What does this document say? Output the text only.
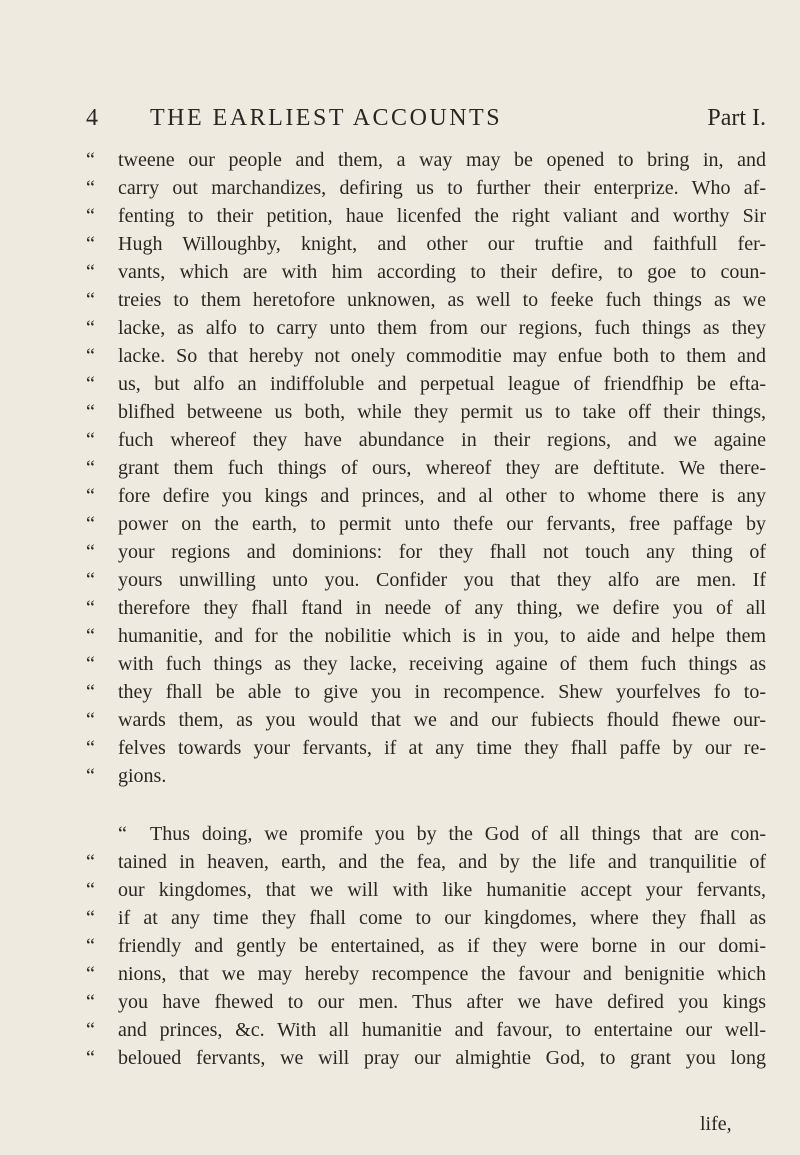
4 THE EARLIEST ACCOUNTS	Part I.
“	tweene our people and them, a way may be opened to bring in, and
“	carry out marchandizes, defiring us to further their enterprize. Who af-
“	fenting to their petition, haue licenfed the right valiant and worthy Sir
“	Hugh Willoughby, knight, and other our truftie and faithfull fer-
“	vants, which are with him according to their defire, to goe to coun-
“	treies to them heretofore unknowen, as well to feeke fuch things as we
“	lacke, as alfo to carry unto them from our regions, fuch things as they
“	lacke. So that hereby not onely commoditie may enfue both to them and
“	us, but alfo an indiffoluble and perpetual league of friendfhip be efta-
“	blifhed betweene us both, while they permit us to take off their things,
“	fuch whereof they have abundance in their regions, and we againe
“	grant them fuch things of ours, whereof they are deftitute. We there-
“	fore defire you kings and princes, and al other to whome there is any
“	power on the earth, to permit unto thefe our fervants, free paffage by
“	your regions and dominions: for they fhall not touch any thing of
“	yours unwilling unto you. Confider you that they alfo are men. If
“	therefore they fhall ftand in neede of any thing, we defire you of all
“	humanitie, and for the nobilitie which is in you, to aide and helpe them
“	with fuch things as they lacke, receiving againe of them fuch things as
“	they fhall be able to give you in recompence. Shew yourfelves fo to-
“	wards them, as you would that we and our fubiects fhould fhewe our-
“	felves towards your fervants, if at any time they fhall paffe by our re-
“	gions.
“	Thus doing, we promife you by the God of all things that are con-
“	tained in heaven, earth, and the fea, and by the life and tranquilitie of
“	our kingdomes, that we will with like humanitie accept your fervants,
“	if at any time they fhall come to our kingdomes, where they fhall as
“	friendly and gently be entertained, as if they were borne in our domi-
“	nions, that we may hereby recompence the favour and benignitie which
“	you have fhewed to our men. Thus after we have defired you kings
“	and princes, &c. With all humanitie and favour, to entertaine our well-
“	beloued fervants, we will pray our almightie God, to grant you long
life,
